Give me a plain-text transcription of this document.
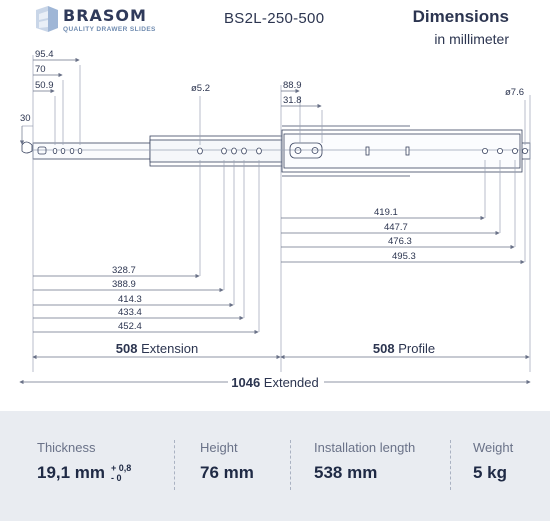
BRASOM
QUALITY DRAWER SLIDES
BS2L-250-500	Dimensions
in millimeter
95.4
70
50.9
30
ø5.2	88.9
31.8
ø7.6
419.1
447.7
476.3
495.3
328.7
388.9
414.3
433.4
452.4
508 Extension	508 Profile
1046 Extended
Thickness
19,1 mm + 0,8
- 0
Height
76 mm
Installation length
538 mm
Weight
5 kg
